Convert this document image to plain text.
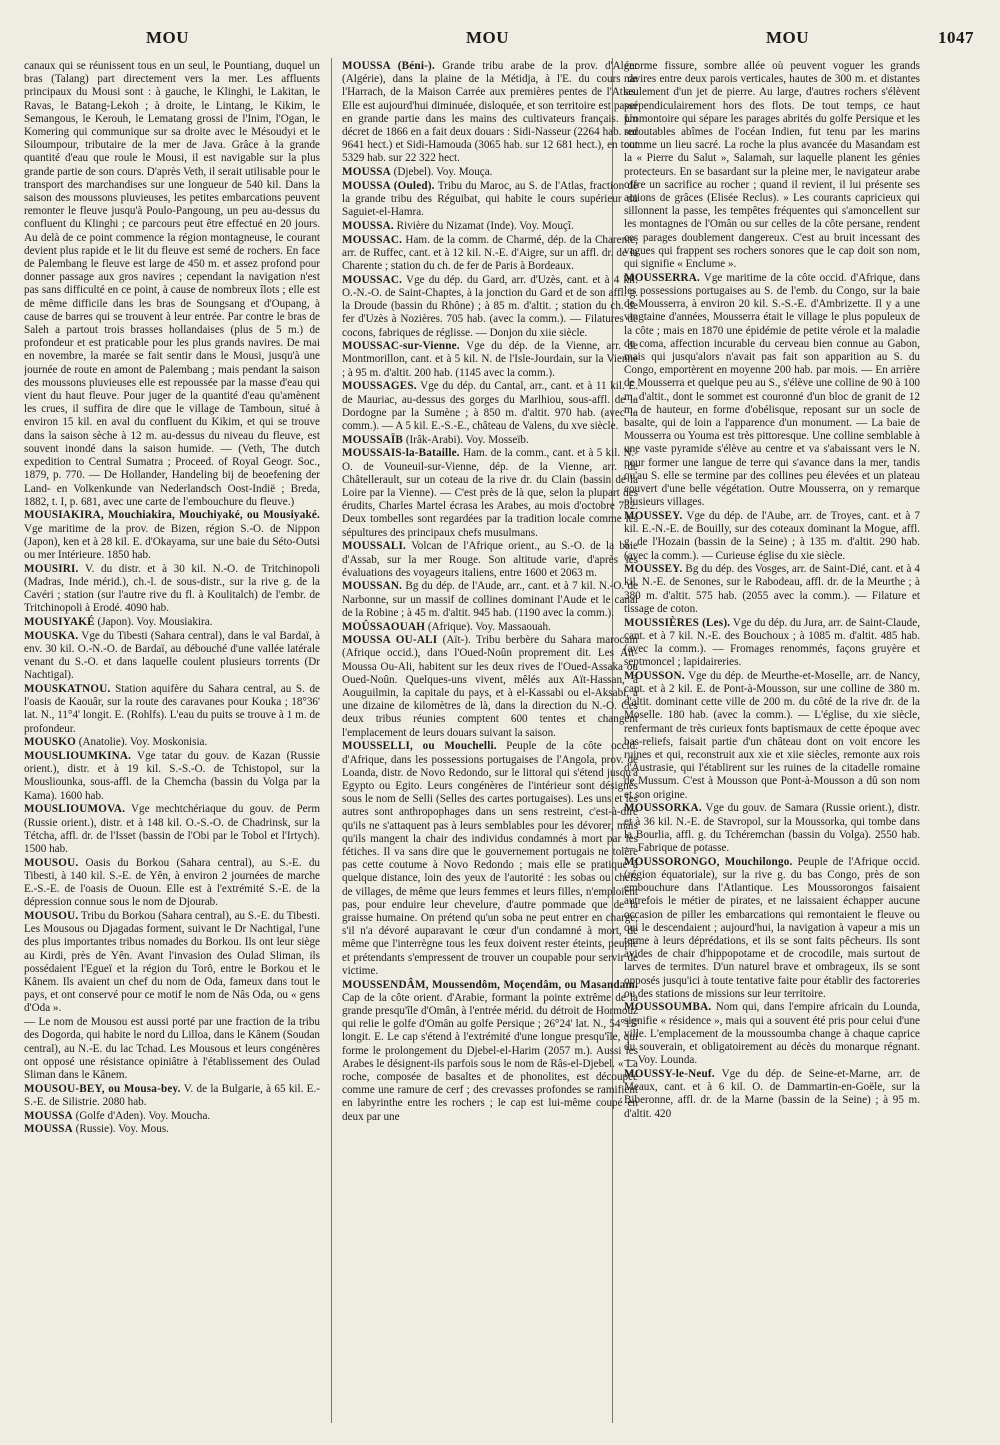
MOU	MOU	MOU	1047

canaux qui se réunissent tous en un seul, le Pountiang, duquel un bras (Talang) part directement vers la mer. Les affluents principaux du Mousi sont : à gauche, le Klinghi, le Lakitan, le Ravas, le Batang-Lekoh ; à droite, le Lintang, le Kikim, le Semangous, le Kerouh, le Lematang grossi de l'Inim, l'Ogan, le Komering qui communique sur sa droite avec le Mésoudyi et le Siloumpour, tributaire de la mer de Java. Grâce à la grande quantité d'eau que roule le Mousi, il est navigable sur la plus grande partie de son cours. D'après Veth, il serait utilisable pour le transport des marchandises sur une longueur de 540 kil. Dans la saison des moussons pluvieuses, les petites embarcations peuvent remonter le fleuve jusqu'à Poulo-Pangoung, un peu au-dessus du confluent du Klinghi ; ce parcours peut être effectué en 20 jours. Au delà de ce point commence la région montagneuse, le courant devient plus rapide et le lit du fleuve est semé de rochers. En face de Palembang le fleuve est large de 450 m. et assez profond pour donner passage aux gros navires ; cependant la navigation n'est pas sans difficulté en ce point, à cause de nombreux îlots ; elle est de même difficile dans les bras de Soungsang et d'Oupang, à cause de barres qui se trouvent à leur entrée. Par contre le bras de Saleh a partout trois brasses hollandaises (plus de 5 m.) de profondeur et est praticable pour les plus grands navires. De mai en novembre, la marée se fait sentir dans le Mousi, jusqu'à une journée de route en amont de Palembang ; mais pendant la saison des moussons pluvieuses elle est repoussée par la masse d'eau qui vient du haut fleuve. Pour juger de la quantité d'eau qu'amènent les crues, il suffira de dire que le village de Tamboun, situé à environ 15 kil. en aval du confluent du Kikim, et qui se trouve dans la saison sèche à 12 m. au-dessus du niveau du fleuve, est souvent inondé dans la saison humide. — (Veth, The dutch expedition to Central Sumatra ; Proceed. of Royal Geogr. Soc., 1879, p. 770. — De Hollander, Handeling bij de beoefening der Land- en Volkenkunde van Nederlandsch Oost-Indië ; Breda, 1882, t. I, p. 681, avec une carte de l'embouchure du fleuve.)

MOUSIAKIRA, Mouchiakira, Mouchiyaké, ou Mousiyaké. Vge maritime de la prov. de Bizen, région S.-O. de Nippon (Japon), ken et à 28 kil. E. d'Okayama, sur une baie du Séto-Outsi ou mer Intérieure. 1850 hab.

MOUSIRI. V. du distr. et à 30 kil. N.-O. de Tritchinopoli (Madras, Inde mérid.), ch.-l. de sous-distr., sur la rive g. de la Cavéri ; station (sur l'autre rive du fl. à Koulitalch) de l'embr. de Tritchinopoli à Erodé. 4090 hab.

MOUSIYAKÉ (Japon). Voy. Mousiakira.

MOUSKA. Vge du Tibesti (Sahara central), dans le val Bardaï, à env. 30 kil. O.-N.-O. de Bardaï, au débouché d'une vallée latérale venant du S.-O. et dans laquelle coulent plusieurs torrents (Dr Nachtigal).

MOUSKATNOU. Station aquifère du Sahara central, au S. de l'oasis de Kaouâr, sur la route des caravanes pour Kouka ; 18°36' lat. N., 11°4' longit. E. (Rohlfs). L'eau du puits se trouve à 1 m. de profondeur.

MOUSKO (Anatolie). Voy. Moskonisia.

MOUSLIOUMKINA. Vge tatar du gouv. de Kazan (Russie orient.), distr. et à 19 kil. S.-S.-O. de Tchistopol, sur la Mousliounka, sous-affl. de la Chemcha (bassin du Volga par la Kama). 1600 hab.

MOUSLIOUMOVA. Vge mechtchériaque du gouv. de Perm (Russie orient.), distr. et à 148 kil. O.-S.-O. de Chadrinsk, sur la Tétcha, affl. dr. de l'Isset (bassin de l'Obi par le Tobol et l'Irtych). 1500 hab.

MOUSOU. Oasis du Borkou (Sahara central), au S.-E. du Tibesti, à 140 kil. S.-E. de Yên, à environ 2 journées de marche E.-S.-E. de l'oasis de Ououn. Elle est à l'extrémité S.-E. de la dépression connue sous le nom de Djourab.

MOUSOU. Tribu du Borkou (Sahara central), au S.-E. du Tibesti. Les Mousous ou Djagadas forment, suivant le Dr Nachtigal, l'une des plus importantes tribus nomades du Borkou. Ils ont leur siège au Kirdi, près de Yên. Avant l'invasion des Oulad Sliman, ils possédaient l'Egueï et la région du Torô, entre le Borkou et le Kânem. Ils avaient un chef du nom de Oda, fameux dans tout le pays, et ont conservé pour ce motif le nom de Nâs Oda, ou « gens d'Oda ».

— Le nom de Mousou est aussi porté par une fraction de la tribu des Dogorda, qui habite le nord du Lilloa, dans le Kânem (Soudan central), au N.-E. du lac Tchad. Les Mousous et leurs congénères ont opposé une résistance opiniâtre à l'établissement des Oulad Sliman dans le Kânem.

MOUSOU-BEY, ou Mousa-bey. V. de la Bulgarie, à 65 kil. E.-S.-E. de Silistrie. 2080 hab.

MOUSSA (Golfe d'Aden). Voy. Moucha.

MOUSSA (Russie). Voy. Mous.

MOUSSA (Béni-). Grande tribu arabe de la prov. d'Alger (Algérie), dans la plaine de la Métidja, à l'E. du cours de l'Harrach, de la Maison Carrée aux premières pentes de l'Atlas. Elle est aujourd'hui diminuée, disloquée, et son territoire est passé en grande partie dans les mains des cultivateurs français. Un décret de 1866 en a fait deux douars : Sidi-Nasseur (2264 hab. sur 9641 hect.) et Sidi-Hamouda (3065 hab. sur 12 681 hect.), en tout 5329 hab. sur 22 322 hect.

MOUSSA (Djebel). Voy. Mouça.

MOUSSA (Ouled). Tribu du Maroc, au S. de l'Atlas, fraction de la grande tribu des Réguibat, qui habite le cours supérieur du Saguiet-el-Hamra.

MOUSSA. Rivière du Nizamat (Inde). Voy. Mouçî.

MOUSSAC. Ham. de la comm. de Charmé, dép. de la Charente, arr. de Ruffec, cant. et à 12 kil. N.-E. d'Aigre, sur un affl. dr. de la Charente ; station du ch. de fer de Paris à Bordeaux.

MOUSSAC. Vge du dép. du Gard, arr. d'Uzès, cant. et à 4 kil. O.-N.-O. de Saint-Chaptes, à la jonction du Gard et de son affl. g. la Droude (bassin du Rhône) ; à 85 m. d'altit. ; station du ch. de fer d'Uzès à Nozières. 705 hab. (avec la comm.). — Filatures de cocons, fabriques de réglisse. — Donjon du xiie siècle.

MOUSSAC-sur-Vienne. Vge du dép. de la Vienne, arr. de Montmorillon, cant. et à 5 kil. N. de l'Isle-Jourdain, sur la Vienne ; à 95 m. d'altit. 200 hab. (1145 avec la comm.).

MOUSSAGES. Vge du dép. du Cantal, arr., cant. et à 11 kil. E. de Mauriac, au-dessus des gorges du Marlhiou, sous-affl. de la Dordogne par la Sumène ; à 850 m. d'altit. 970 hab. (avec la comm.). — A 5 kil. E.-S.-E., château de Valens, du xve siècle.

MOUSSAÏB (Irâk-Arabi). Voy. Mosseïb.

MOUSSAIS-la-Bataille. Ham. de la comm., cant. et à 5 kil. N.-O. de Vouneuil-sur-Vienne, dép. de la Vienne, arr. de Châtellerault, sur un coteau de la rive dr. du Clain (bassin de la Loire par la Vienne). — C'est près de là que, selon la plupart des érudits, Charles Martel écrasa les Arabes, au mois d'octobre 732. Deux tombelles sont regardées par la tradition locale comme les sépultures des principaux chefs musulmans.

MOUSSALI. Volcan de l'Afrique orient., au S.-O. de la baie d'Assab, sur la mer Rouge. Son altitude varie, d'après les évaluations des voyageurs italiens, entre 1600 et 2063 m.

MOUSSAN. Bg du dép. de l'Aude, arr., cant. et à 7 kil. N.-O. de Narbonne, sur un massif de collines dominant l'Aude et le canal de la Robine ; à 45 m. d'altit. 945 hab. (1190 avec la comm.).

MOÛSSAOUAH (Afrique). Voy. Massaouah.

MOUSSA OU-ALI (Aït-). Tribu berbère du Sahara marocain (Afrique occid.), dans l'Oued-Noûn proprement dit. Les Aït-Moussa Ou-Ali, habitent sur les deux rives de l'Oued-Assaka ou Oued-Noûn. Quelques-uns vivent, mêlés aux Aït-Hassan, à Aouguilmin, la capitale du pays, et à el-Kassabi ou el-Aksabi, à une dizaine de kilomètres de là, dans la direction du N.-O. Ces deux tribus réunies comptent 600 tentes et changent l'emplacement de leurs douars suivant la saison.

MOUSSELLI, ou Mouchelli. Peuple de la côte occid. d'Afrique, dans les possessions portugaises de l'Angola, prov. de Loanda, distr. de Novo Redondo, sur le littoral qui s'étend jusqu'à Egypto ou Egito. Leurs congénères de l'intérieur sont désignés sous le nom de Selli (Selles des cartes portugaises). Les uns et les autres sont anthropophages dans un sens restreint, c'est-à-dire qu'ils ne s'attaquent pas à leurs semblables pour les dévorer, mais qu'ils mangent la chair des individus condamnés à mort par les fétiches. Il va sans dire que le gouvernement portugais ne tolère pas cette coutume à Novo Redondo ; mais elle se pratique à quelque distance, loin des yeux de l'autorité : les sobas ou chefs de villages, de même que leurs femmes et leurs filles, n'emploient pas, pour enduire leur chevelure, d'autre pommade que de la graisse humaine. On prétend qu'un soba ne peut entrer en charge, s'il n'a dévoré auparavant le cœur d'un condamné à mort, de même que l'interrègne tous les feux doivent rester éteints, peuple et prétendants s'empressent de trouver un coupable pour servir de victime.

MOUSSENDÂM, Moussendôm, Moçendâm, ou Masandam. Cap de la côte orient. d'Arabie, formant la pointe extrême de la grande presqu'île d'Omân, à l'entrée mérid. du détroit de Hormouz qui relie le golfe d'Omân au golfe Persique ; 26°24' lat. N., 54°15' longit. E. Le cap s'étend à l'extrémité d'une longue presqu'île, qui forme le prolongement du Djebel-el-Harim (2057 m.). Aussi les Arabes le désignent-ils parfois sous le nom de Râs-el-Djebel. « La roche, composée de basaltes et de phonolites, est découpée comme une ramure de cerf ; des crevasses profondes se ramifient en labyrinthe entre les rochers ; le cap est lui-même coupé en deux par une

énorme fissure, sombre allée où peuvent voguer les grands navires entre deux parois verticales, hautes de 300 m. et distantes seulement d'un jet de pierre. Au large, d'autres rochers s'élèvent perpendiculairement hors des flots. De tout temps, ce haut promontoire qui sépare les parages abrités du golfe Persique et les redoutables abîmes de l'océan Indien, fut tenu par les marins comme un lieu sacré. La roche la plus avancée du Masandam est la « Pierre du Salut », Salamah, sur laquelle planent les génies protecteurs. En se basardant sur la pleine mer, le navigateur arabe offre un sacrifice au rocher ; quand il revient, il lui présente ses actions de grâces (Elisée Reclus). » Les courants capricieux qui sillonnent la passe, les tempêtes fréquentes qui s'amoncellent sur les montagnes de l'Omân ou sur celles de la côte persane, rendent ces parages doublement dangereux. C'est au bruit incessant des vagues qui frappent ses rochers sonores que le cap doit son nom, qui signifie « Enclume ».

MOUSSERRA. Vge maritime de la côte occid. d'Afrique, dans les possessions portugaises au S. de l'emb. du Congo, sur la baie de Mousserra, à environ 20 kil. S.-S.-E. d'Ambrizette. Il y a une vingtaine d'années, Mousserra était le village le plus populeux de la côte ; mais en 1870 une épidémie de petite vérole et la maladie du coma, affection incurable du cerveau bien connue au Gabon, mais qui jusqu'alors n'avait pas fait son apparition au S. du Congo, emportèrent en moyenne 200 hab. par mois. — En arrière de Mousserra et quelque peu au S., s'élève une colline de 90 à 100 m. d'altit., dont le sommet est couronné d'un bloc de granit de 12 m. de hauteur, en forme d'obélisque, reposant sur un socle de basalte, qui de loin a l'apparence d'un monument. — La baie de Mousserra ou Youma est très pittoresque. Une colline semblable à une vaste pyramide s'élève au centre et va s'abaissant vers le N. pour former une langue de terre qui s'avance dans la mer, tandis qu'au S. elle se termine par des collines peu élevées et un plateau couvert d'une belle végétation. Outre Mousserra, on y remarque plusieurs villages.

MOUSSEY. Vge du dép. de l'Aube, arr. de Troyes, cant. et à 7 kil. E.-N.-E. de Bouilly, sur des coteaux dominant la Mogue, affl. g. de l'Hozain (bassin de la Seine) ; à 135 m. d'altit. 290 hab. (avec la comm.). — Curieuse église du xie siècle.

MOUSSEY. Bg du dép. des Vosges, arr. de Saint-Dié, cant. et à 4 kil. N.-E. de Senones, sur le Rabodeau, affl. dr. de la Meurthe ; à 380 m. d'altit. 575 hab. (2055 avec la comm.). — Filature et tissage de coton.

MOUSSIÈRES (Les). Vge du dép. du Jura, arr. de Saint-Claude, cant. et à 7 kil. N.-E. des Bouchoux ; à 1085 m. d'altit. 485 hab. (avec la comm.). — Fromages renommés, façons gruyère et septmoncel ; lapidaireries.

MOUSSON. Vge du dép. de Meurthe-et-Moselle, arr. de Nancy, cant. et à 2 kil. E. de Pont-à-Mousson, sur une colline de 380 m. d'altit. dominant cette ville de 200 m. du côté de la rive dr. de la Moselle. 180 hab. (avec la comm.). — L'église, du xie siècle, renfermant de très curieux fonts baptismaux de cette époque avec bas-reliefs, faisait partie d'un château dont on voit encore les ruines et qui, reconstruit aux xie et xiie siècles, remonte aux rois d'Austrasie, qui l'établirent sur les ruines de la citadelle romaine de Mussum. C'est à Mousson que Pont-à-Mousson a dû son nom et son origine.

MOUSSORKA. Vge du gouv. de Samara (Russie orient.), distr. et à 36 kil. N.-E. de Stavropol, sur la Moussorka, qui tombe dans la Bourlia, affl. g. du Tchéremchan (bassin du Volga). 2550 hab. — Fabrique de potasse.

MOUSSORONGO, Mouchilongo. Peuple de l'Afrique occid. (région équatoriale), sur la rive g. du bas Congo, près de son embouchure dans l'Atlantique. Les Moussorongos faisaient autrefois le métier de pirates, et ne laissaient échapper aucune occasion de piller les embarcations qui remontaient le fleuve ou qui le descendaient ; aujourd'hui, la navigation à vapeur a mis un terme à leurs déprédations, et ils se sont faits pêcheurs. Ils sont avides de chair d'hippopotame et de crocodile, mais surtout de larves de termites. D'un naturel brave et ombrageux, ils se sont opposés jusqu'ici à toute tentative faite pour établir des factoreries ou des stations de missions sur leur territoire.

MOUSSOUMBA. Nom qui, dans l'empire africain du Lounda, signifie « résidence », mais qui a souvent été pris pour celui d'une ville. L'emplacement de la moussoumba change à chaque caprice du souverain, et obligatoirement au décès du monarque régnant. — Voy. Lounda.

MOUSSY-le-Neuf. Vge du dép. de Seine-et-Marne, arr. de Meaux, cant. et à 6 kil. O. de Dammartin-en-Goële, sur la Biberonne, affl. dr. de la Marne (bassin de la Seine) ; à 95 m. d'altit. 420
